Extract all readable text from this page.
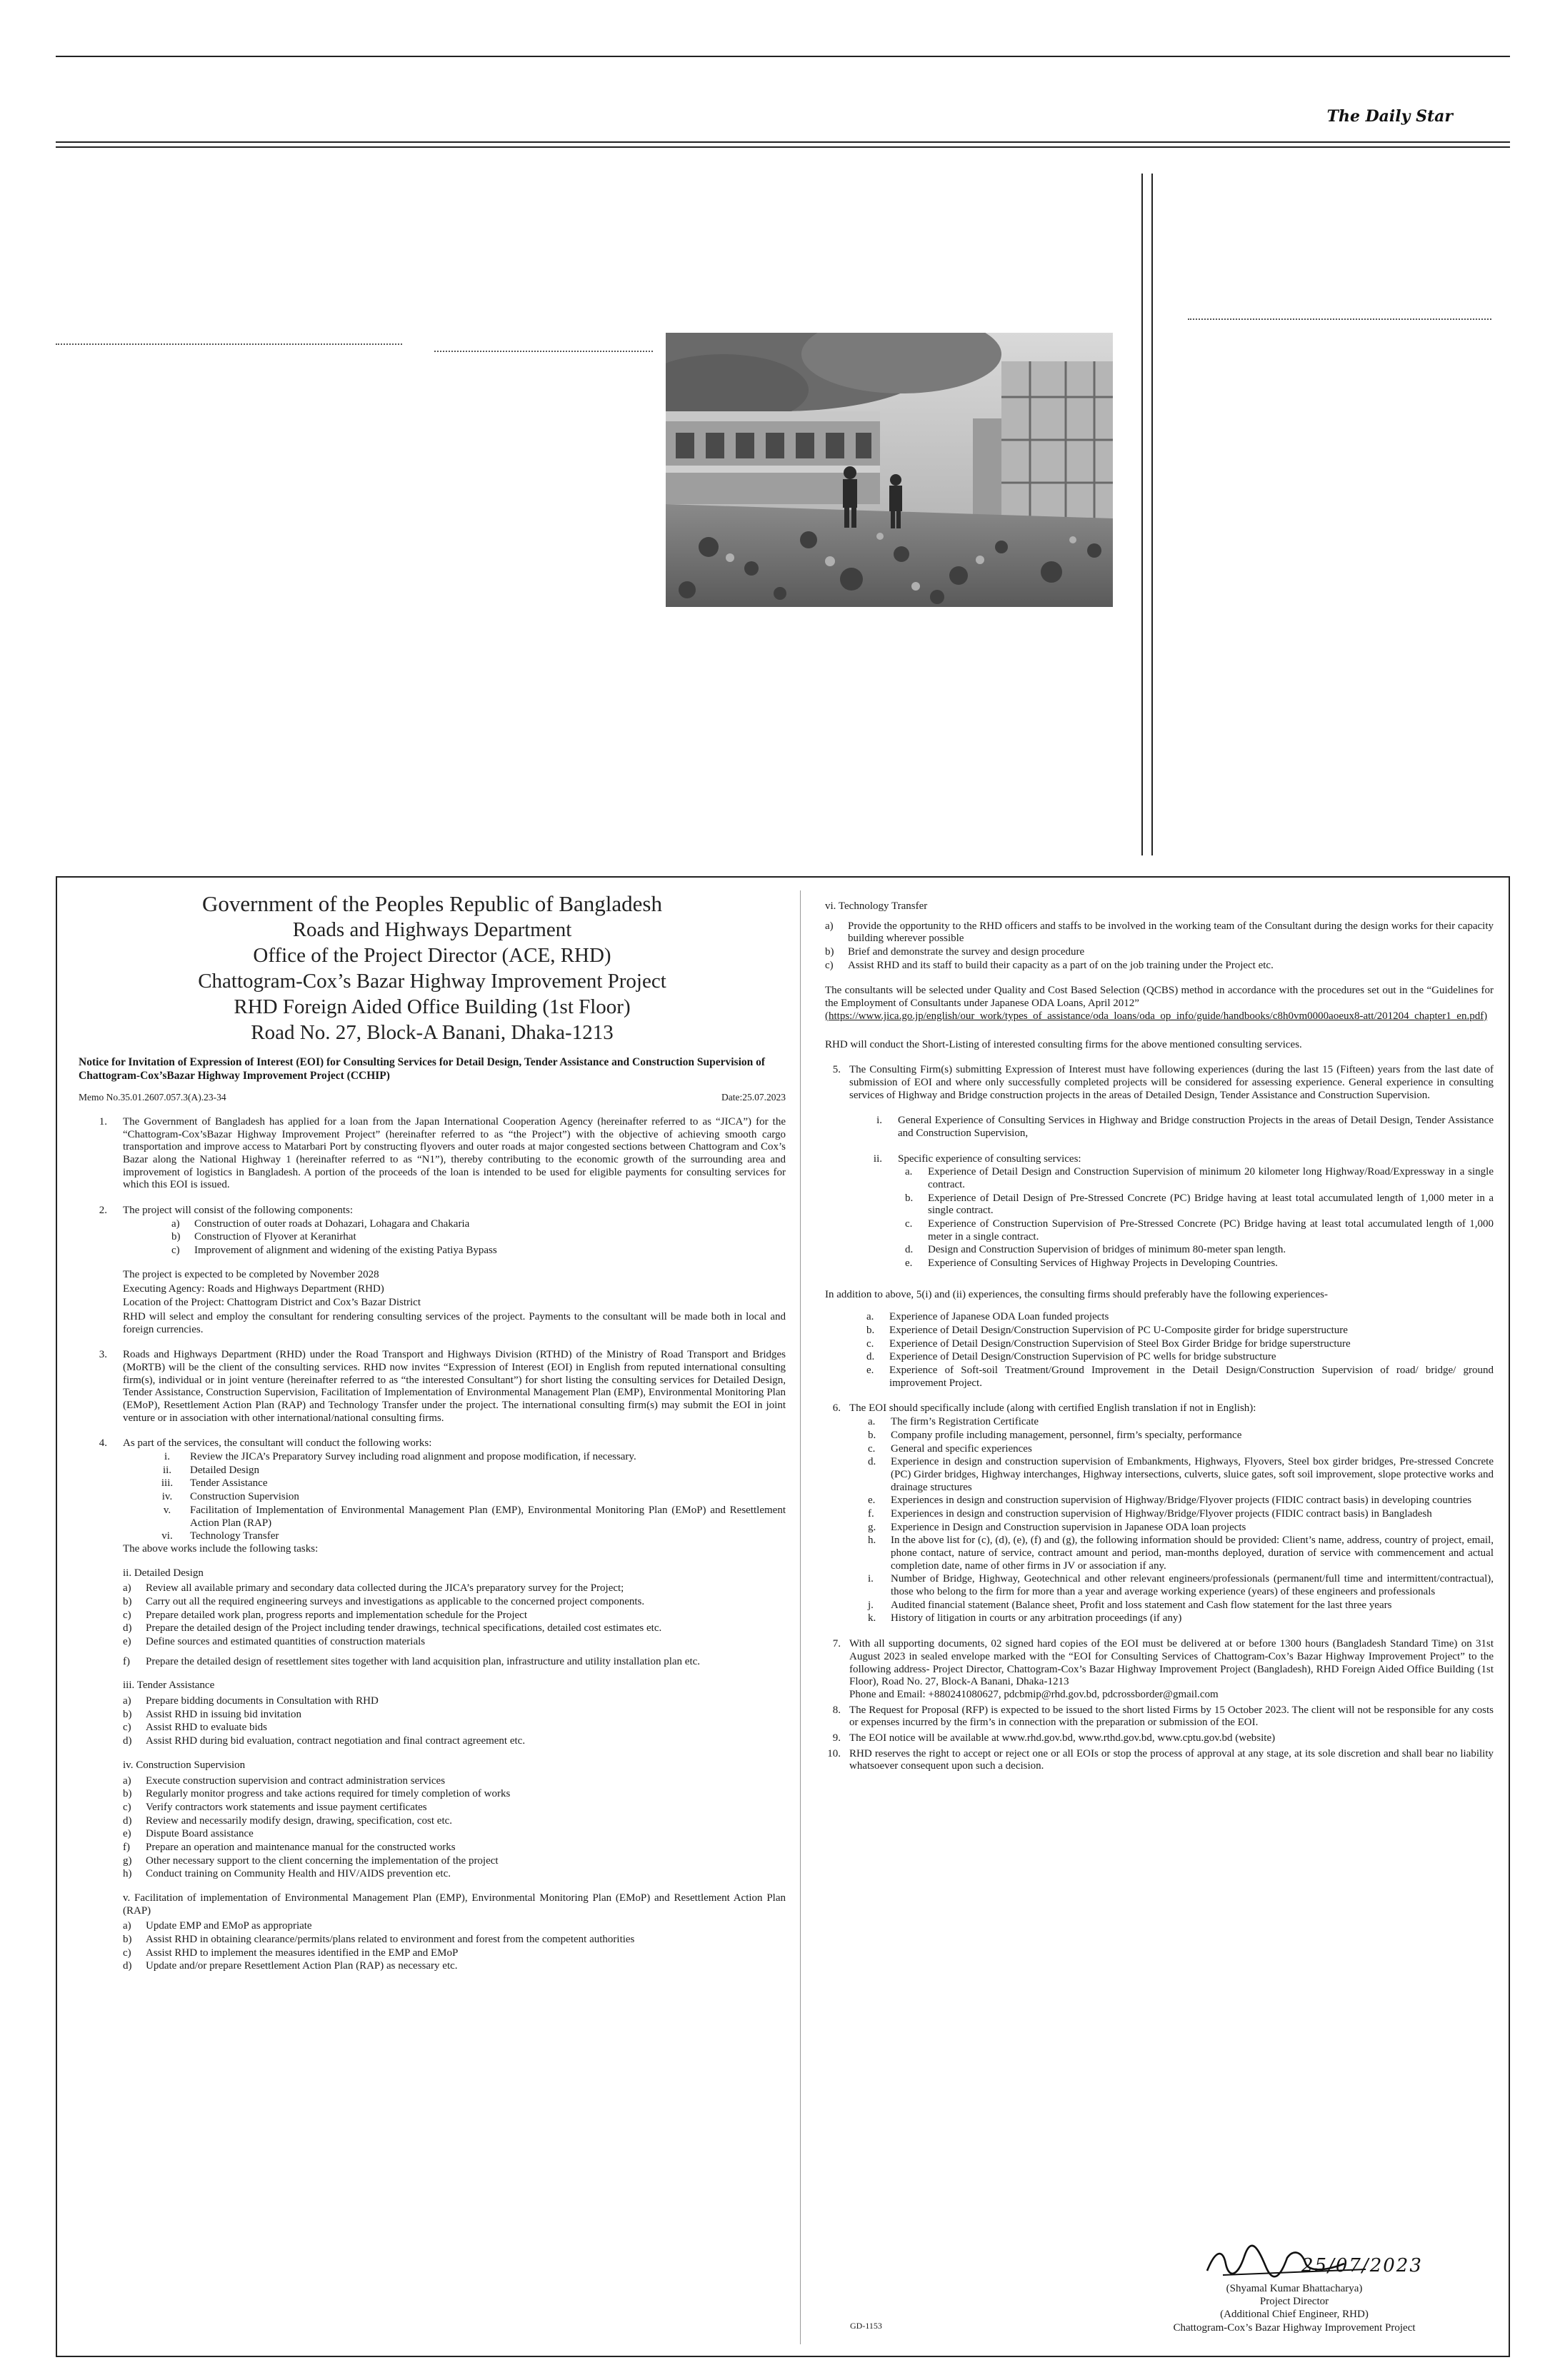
The Daily Star
Government of the Peoples Republic of Bangladesh
Roads and Highways Department
Office of the Project Director (ACE, RHD)
Chattogram-Cox’s Bazar Highway Improvement Project
RHD Foreign Aided Office Building (1st Floor)
Road No. 27, Block-A Banani, Dhaka-1213
Notice for Invitation of Expression of Interest (EOI) for Consulting Services for Detail Design, Tender Assistance and Construction Supervision of Chattogram-Cox’sBazar Highway Improvement Project (CCHIP)
Memo No.35.01.2607.057.3(A).23-34	Date:25.07.2023
1.	The Government of Bangladesh has applied for a loan from the Japan International Cooperation Agency (hereinafter referred to as “JICA”) for the “Chattogram-Cox’sBazar Highway Improvement Project” (hereinafter referred to as “the Project”) with the objective of achieving smooth cargo transportation and improve access to Matarbari Port by constructing flyovers and outer roads at major congested sections between Chattogram and Cox’s Bazar along the National Highway 1 (hereinafter referred to as “N1”), thereby contributing to the economic growth of the surrounding area and improvement of logistics in Bangladesh. A portion of the proceeds of the loan is intended to be used for eligible payments for consulting services for which this EOI is issued.
2.	The project will consist of the following components:
a)	Construction of outer roads at Dohazari, Lohagara and Chakaria
b)	Construction of Flyover at Keranirhat
c)	Improvement of alignment and widening of the existing Patiya Bypass
The project is expected to be completed by November 2028
Executing Agency: Roads and Highways Department (RHD)
Location of the Project: Chattogram District and Cox’s Bazar District
RHD will select and employ the consultant for rendering consulting services of the project. Payments to the consultant will be made both in local and foreign currencies.
3.	Roads and Highways Department (RHD) under the Road Transport and Highways Division (RTHD) of the Ministry of Road Transport and Bridges (MoRTB) will be the client of the consulting services. RHD now invites “Expression of Interest (EOI) in English from reputed international consulting firm(s), individual or in joint venture (hereinafter referred to as “the interested Consultant”) for short listing the consulting services for Detailed Design, Tender Assistance, Construction Supervision, Facilitation of Implementation of Environmental Management Plan (EMP), Environmental Monitoring Plan (EMoP), Resettlement Action Plan (RAP) and Technology Transfer under the project. The international consulting firm(s) may submit the EOI in joint venture or in association with other international/national consulting firms.
4.	As part of the services, the consultant will conduct the following works:
i.	Review the JICA’s Preparatory Survey including road alignment and propose modification, if necessary.
ii.	Detailed Design
iii.	Tender Assistance
iv.	Construction Supervision
v.	Facilitation of Implementation of Environmental Management Plan (EMP), Environmental Monitoring Plan (EMoP) and Resettlement Action Plan (RAP)
vi.	Technology Transfer
The above works include the following tasks:
ii. Detailed Design
a)	Review all available primary and secondary data collected during the JICA’s preparatory survey for the Project;
b)	Carry out all the required engineering surveys and investigations as applicable to the concerned project components.
c)	Prepare detailed work plan, progress reports and implementation schedule for the Project
d)	Prepare the detailed design of the Project including tender drawings, technical specifications, detailed cost estimates etc.
e)	Define sources and estimated quantities of construction materials
f)	Prepare the detailed design of resettlement sites together with land acquisition plan, infrastructure and utility installation plan etc.
iii. Tender Assistance
a)	Prepare bidding documents in Consultation with RHD
b)	Assist RHD in issuing bid invitation
c)	Assist RHD to evaluate bids
d)	Assist RHD during bid evaluation, contract negotiation and final contract agreement etc.
iv. Construction Supervision
a)	Execute construction supervision and contract administration services
b)	Regularly monitor progress and take actions required for timely completion of works
c)	Verify contractors work statements and issue payment certificates
d)	Review and necessarily modify design, drawing, specification, cost etc.
e)	Dispute Board assistance
f)	Prepare an operation and maintenance manual for the constructed works
g)	Other necessary support to the client concerning the implementation of the project
h)	Conduct training on Community Health and HIV/AIDS prevention etc.
v. Facilitation of implementation of Environmental Management Plan (EMP), Environmental Monitoring Plan (EMoP) and Resettlement Action Plan (RAP)
a)	Update EMP and EMoP as appropriate
b)	Assist RHD in obtaining clearance/permits/plans related to environment and forest from the competent authorities
c)	Assist RHD to implement the measures identified in the EMP and EMoP
d)	Update and/or prepare Resettlement Action Plan (RAP) as necessary etc.
vi. Technology Transfer
a)	Provide the opportunity to the RHD officers and staffs to be involved in the working team of the Consultant during the design works for their capacity building wherever possible
b)	Brief and demonstrate the survey and design procedure
c)	Assist RHD and its staff to build their capacity as a part of on the job training under the Project etc.
The consultants will be selected under Quality and Cost Based Selection (QCBS) method in accordance with the procedures set out in the “Guidelines for the Employment of Consultants under Japanese ODA Loans, April 2012”
(https://www.jica.go.jp/english/our_work/types_of_assistance/oda_loans/oda_op_info/guide/handbooks/c8h0vm0000aoeux8-att/201204_chapter1_en.pdf)
RHD will conduct the Short-Listing of interested consulting firms for the above mentioned consulting services.
5. The Consulting Firm(s) submitting Expression of Interest must have following experiences (during the last 15 (Fifteen) years from the last date of submission of EOI and where only successfully completed projects will be considered for assessing experience. General experience in consulting services of Highway and Bridge construction projects in the areas of Detailed Design, Tender Assistance and Construction Supervision.
i.	General Experience of Consulting Services in Highway and Bridge construction Projects in the areas of Detail Design, Tender Assistance and Construction Supervision,
ii.	Specific experience of consulting services:
a.	Experience of Detail Design and Construction Supervision of minimum 20 kilometer long Highway/Road/Expressway in a single contract.
b.	Experience of Detail Design of Pre-Stressed Concrete (PC) Bridge having at least total accumulated length of 1,000 meter in a single contract.
c.	Experience of Construction Supervision of Pre-Stressed Concrete (PC) Bridge having at least total accumulated length of 1,000 meter in a single contract.
d.	Design and Construction Supervision of bridges of minimum 80-meter span length.
e.	Experience of Consulting Services of Highway Projects in Developing Countries.
In addition to above, 5(i) and (ii) experiences, the consulting firms should preferably have the following experiences-
a.	Experience of Japanese ODA Loan funded projects
b.	Experience of Detail Design/Construction Supervision of PC U-Composite girder for bridge superstructure
c.	Experience of Detail Design/Construction Supervision of Steel Box Girder Bridge for bridge superstructure
d.	Experience of Detail Design/Construction Supervision of PC wells for bridge substructure
e.	Experience of Soft-soil Treatment/Ground Improvement in the Detail Design/Construction Supervision of road/ bridge/ ground improvement Project.
6. The EOI should specifically include (along with certified English translation if not in English):
a.	The firm’s Registration Certificate
b.	Company profile including management, personnel, firm’s specialty, performance
c.	General and specific experiences
d.	Experience in design and construction supervision of Embankments, Highways, Flyovers, Steel box girder bridges, Pre-stressed Concrete (PC) Girder bridges, Highway interchanges, Highway intersections, culverts, sluice gates, soft soil improvement, slope protective works and drainage structures
e.	Experiences in design and construction supervision of Highway/Bridge/Flyover projects (FIDIC contract basis) in developing countries
f.	Experiences in design and construction supervision of Highway/Bridge/Flyover projects (FIDIC contract basis) in Bangladesh
g.	Experience in Design and Construction supervision in Japanese ODA loan projects
h.	In the above list for (c), (d), (e), (f) and (g), the following information should be provided: Client’s name, address, country of project, email, phone contact, nature of service, contract amount and period, man-months deployed, duration of service with commencement and actual completion date, name of other firms in JV or association if any.
i.	Number of Bridge, Highway, Geotechnical and other relevant engineers/professionals (permanent/full time and intermittent/contractual), those who belong to the firm for more than a year and average working experience (years) of these engineers and professionals
j.	Audited financial statement (Balance sheet, Profit and loss statement and Cash flow statement for the last three years
k.	History of litigation in courts or any arbitration proceedings (if any)
7. With all supporting documents, 02 signed hard copies of the EOI must be delivered at or before 1300 hours (Bangladesh Standard Time) on 31st August 2023 in sealed envelope marked with the “EOI for Consulting Services of Chattogram-Cox’s Bazar Highway Improvement Project” to the following address- Project Director, Chattogram-Cox’s Bazar Highway Improvement Project (Bangladesh), RHD Foreign Aided Office Building (1st Floor), Road No. 27, Block-A Banani, Dhaka-1213
Phone and Email: +880241080627, pdcbmip@rhd.gov.bd, pdcrossborder@gmail.com
8. The Request for Proposal (RFP) is expected to be issued to the short listed Firms by 15 October 2023. The client will not be responsible for any costs or expenses incurred by the firm’s in connection with the preparation or submission of the EOI.
9. The EOI notice will be available at www.rhd.gov.bd, www.rthd.gov.bd, www.cptu.gov.bd (website)
10. RHD reserves the right to accept or reject one or all EOIs or stop the process of approval at any stage, at its sole discretion and shall bear no liability whatsoever consequent upon such a decision.
GD-1153
25/07/2023
(Shyamal Kumar Bhattacharya)
Project Director
(Additional Chief Engineer, RHD)
Chattogram-Cox’s Bazar Highway Improvement Project
